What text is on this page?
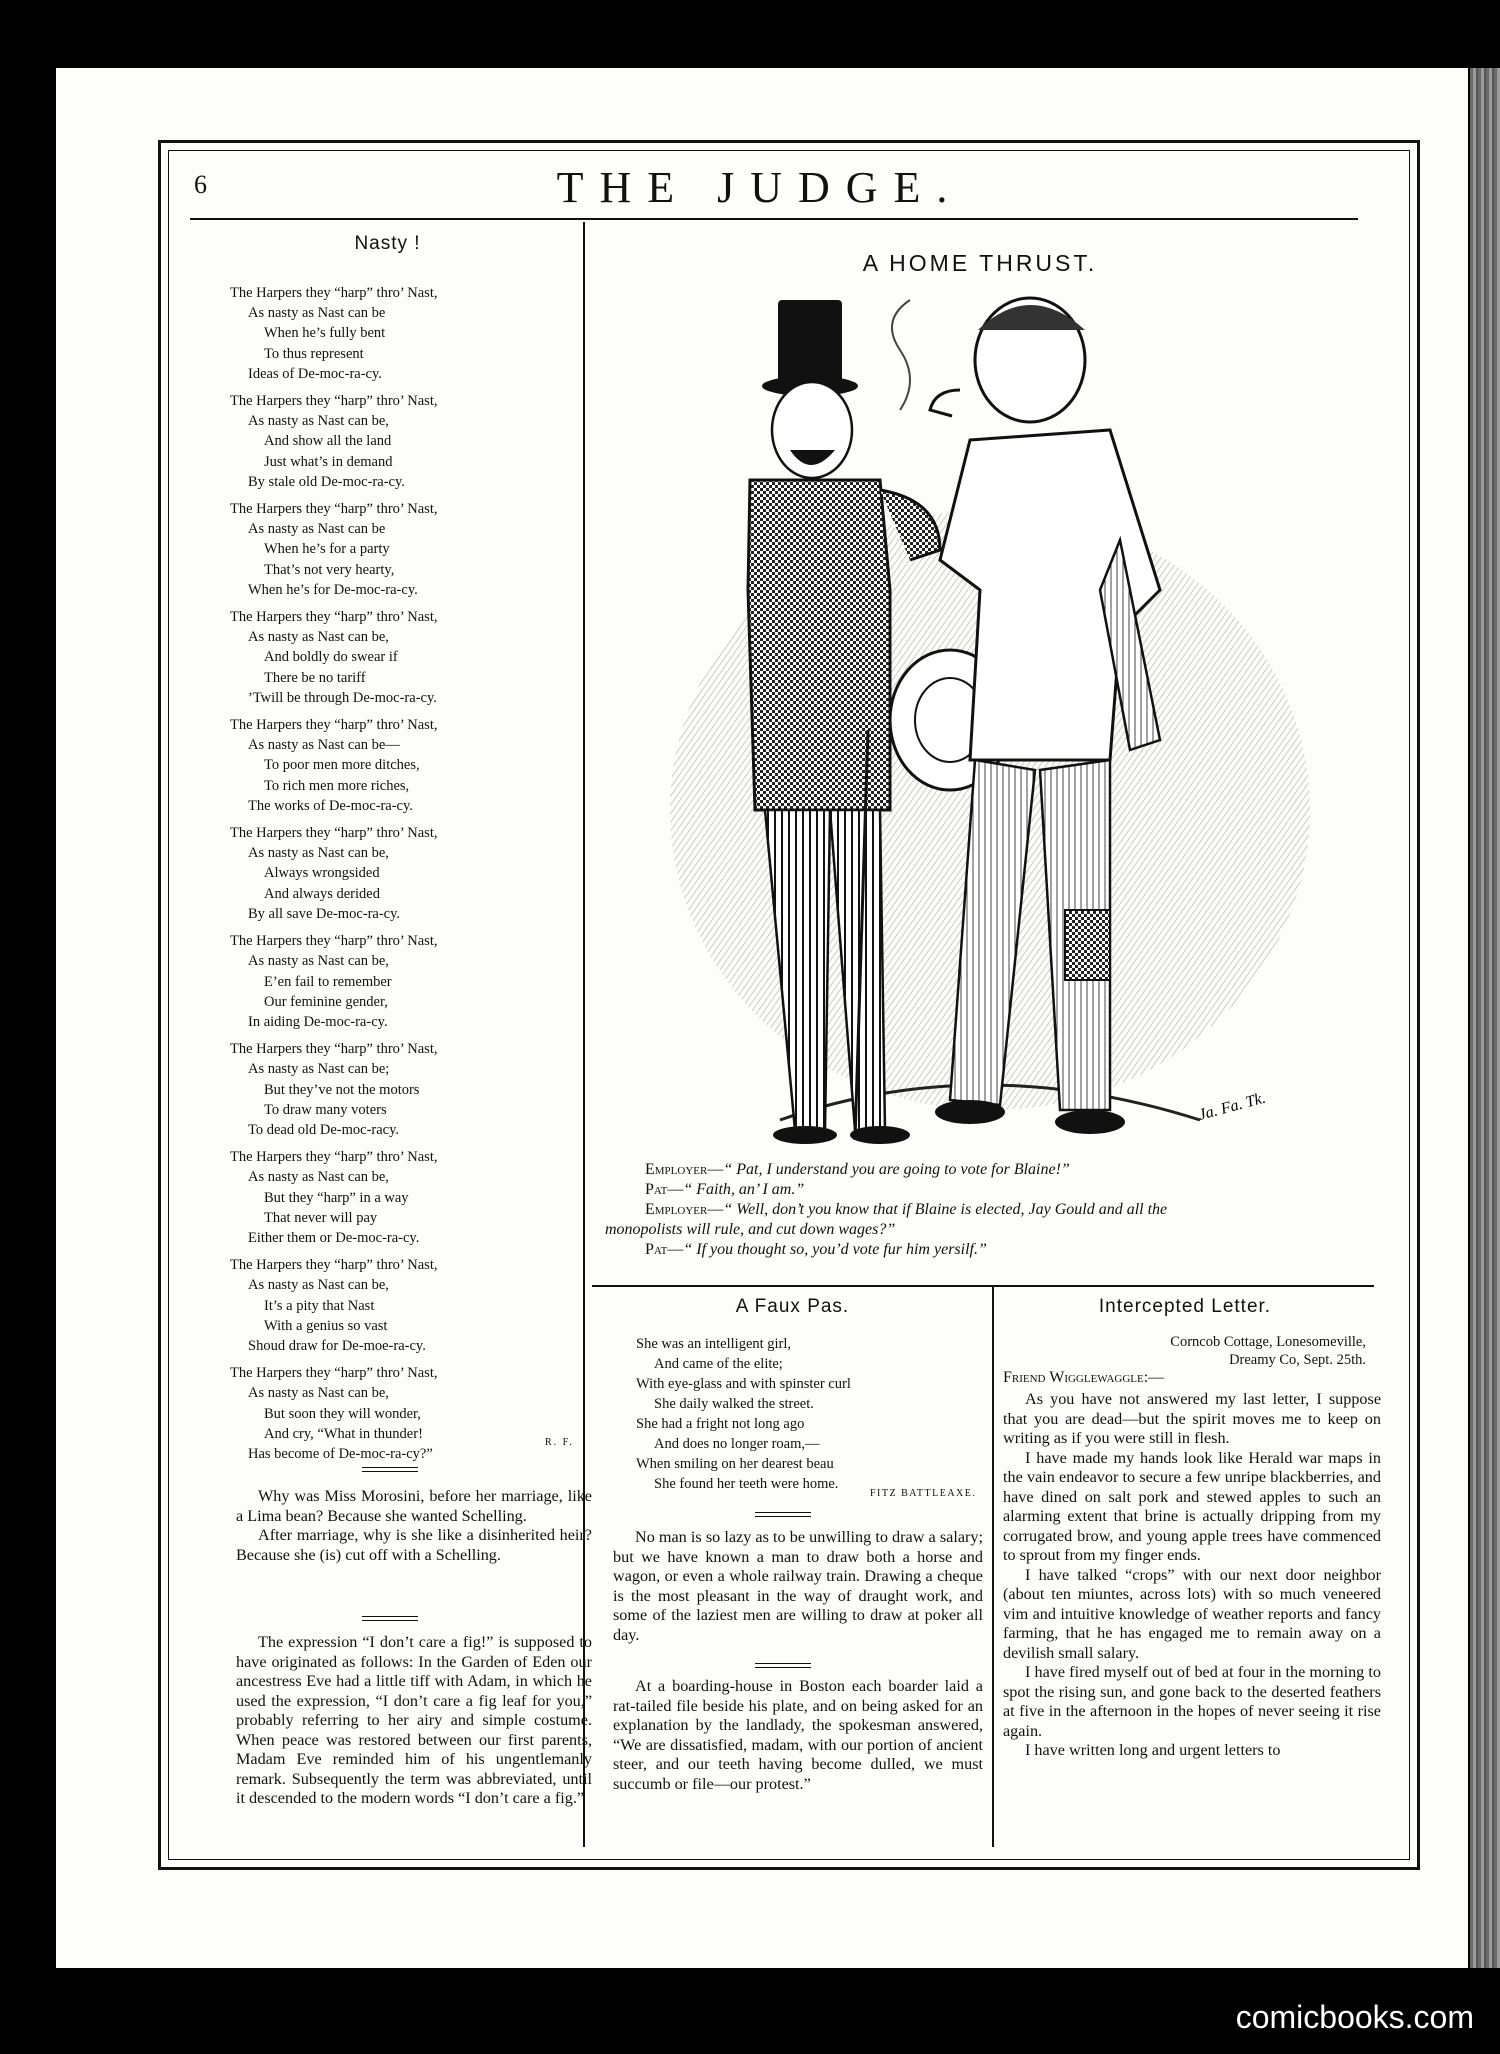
6	THE JUDGE.
Nasty !
The Harpers they “harp” thro’ Nast,
As nasty as Nast can be
When he’s fully bent
To thus represent
Ideas of De-moc-ra-cy.
The Harpers they “harp” thro’ Nast,
As nasty as Nast can be,
And show all the land
Just what’s in demand
By stale old De-moc-ra-cy.
The Harpers they “harp” thro’ Nast,
As nasty as Nast can be
When he’s for a party
That’s not very hearty,
When he’s for De-moc-ra-cy.
The Harpers they “harp” thro’ Nast,
As nasty as Nast can be,
And boldly do swear if
There be no tariff
’Twill be through De-moc-ra-cy.
The Harpers they “harp” thro’ Nast,
As nasty as Nast can be—
To poor men more ditches,
To rich men more riches,
The works of De-moc-ra-cy.
The Harpers they “harp” thro’ Nast,
As nasty as Nast can be,
Always wrongsided
And always derided
By all save De-moc-ra-cy.
The Harpers they “harp” thro’ Nast,
As nasty as Nast can be,
E’en fail to remember
Our feminine gender,
In aiding De-moc-ra-cy.
The Harpers they “harp” thro’ Nast,
As nasty as Nast can be;
But they’ve not the motors
To draw many voters
To dead old De-moc-racy.
The Harpers they “harp” thro’ Nast,
As nasty as Nast can be,
But they “harp” in a way
That never will pay
Either them or De-moc-ra-cy.
The Harpers they “harp” thro’ Nast,
As nasty as Nast can be,
It’s a pity that Nast
With a genius so vast
Shoud draw for De-moe-ra-cy.
The Harpers they “harp” thro’ Nast,
As nasty as Nast can be,
But soon they will wonder,
And cry, “What in thunder!
Has become of De-moc-ra-cy?”
R. F.

Why was Miss Morosini, before her marriage, like a Lima bean? Because she wanted Schelling.

After marriage, why is she like a disinherited heir? Because she (is) cut off with a Schelling.

The expression “I don’t care a fig!” is supposed to have originated as follows: In the Garden of Eden our ancestress Eve had a little tiff with Adam, in which he used the expression, “I don’t care a fig leaf for you,” probably referring to her airy and simple costume. When peace was restored between our first parents, Madam Eve reminded him of his ungentlemanly remark. Subsequently the term was abbreviated, until it descended to the modern words “I don’t care a fig.”

A HOME THRUST.
Ja. Fa. Tk.
Employer—“ Pat, I understand you are going to vote for Blaine!”
Pat—“ Faith, an’ I am.”
Employer—“ Well, don’t you know that if Blaine is elected, Jay Gould and all the
monopolists will rule, and cut down wages?”
Pat—“ If you thought so, you’d vote fur him yersilf.”
A Faux Pas.
She was an intelligent girl,
And came of the elite;
With eye-glass and with spinster curl
She daily walked the street.
She had a fright not long ago
And does no longer roam,—
When smiling on her dearest beau
She found her teeth were home.
FITZ BATTLEAXE.

No man is so lazy as to be unwilling to draw a salary; but we have known a man to draw both a horse and wagon, or even a whole railway train. Drawing a cheque is the most pleasant in the way of draught work, and some of the laziest men are willing to draw at poker all day.

At a boarding-house in Boston each boarder laid a rat-tailed file beside his plate, and on being asked for an explanation by the landlady, the spokesman answered, “We are dissatisfied, madam, with our portion of ancient steer, and our teeth having become dulled, we must succumb or file—our protest.”

Intercepted Letter.
Corncob Cottage, Lonesomeville,
Dreamy Co, Sept. 25th.
Friend Wigglewaggle:—

As you have not answered my last letter, I suppose that you are dead—but the spirit moves me to keep on writing as if you were still in flesh.

I have made my hands look like Herald war maps in the vain endeavor to secure a few unripe blackberries, and have dined on salt pork and stewed apples to such an alarming extent that brine is actually dripping from my corrugated brow, and young apple trees have commenced to sprout from my finger ends.

I have talked “crops” with our next door neighbor (about ten miuntes, across lots) with so much veneered vim and intuitive knowledge of weather reports and fancy farming, that he has engaged me to remain away on a devilish small salary.

I have fired myself out of bed at four in the morning to spot the rising sun, and gone back to the deserted feathers at five in the afternoon in the hopes of never seeing it rise again.

I have written long and urgent letters to

comicbooks.com
